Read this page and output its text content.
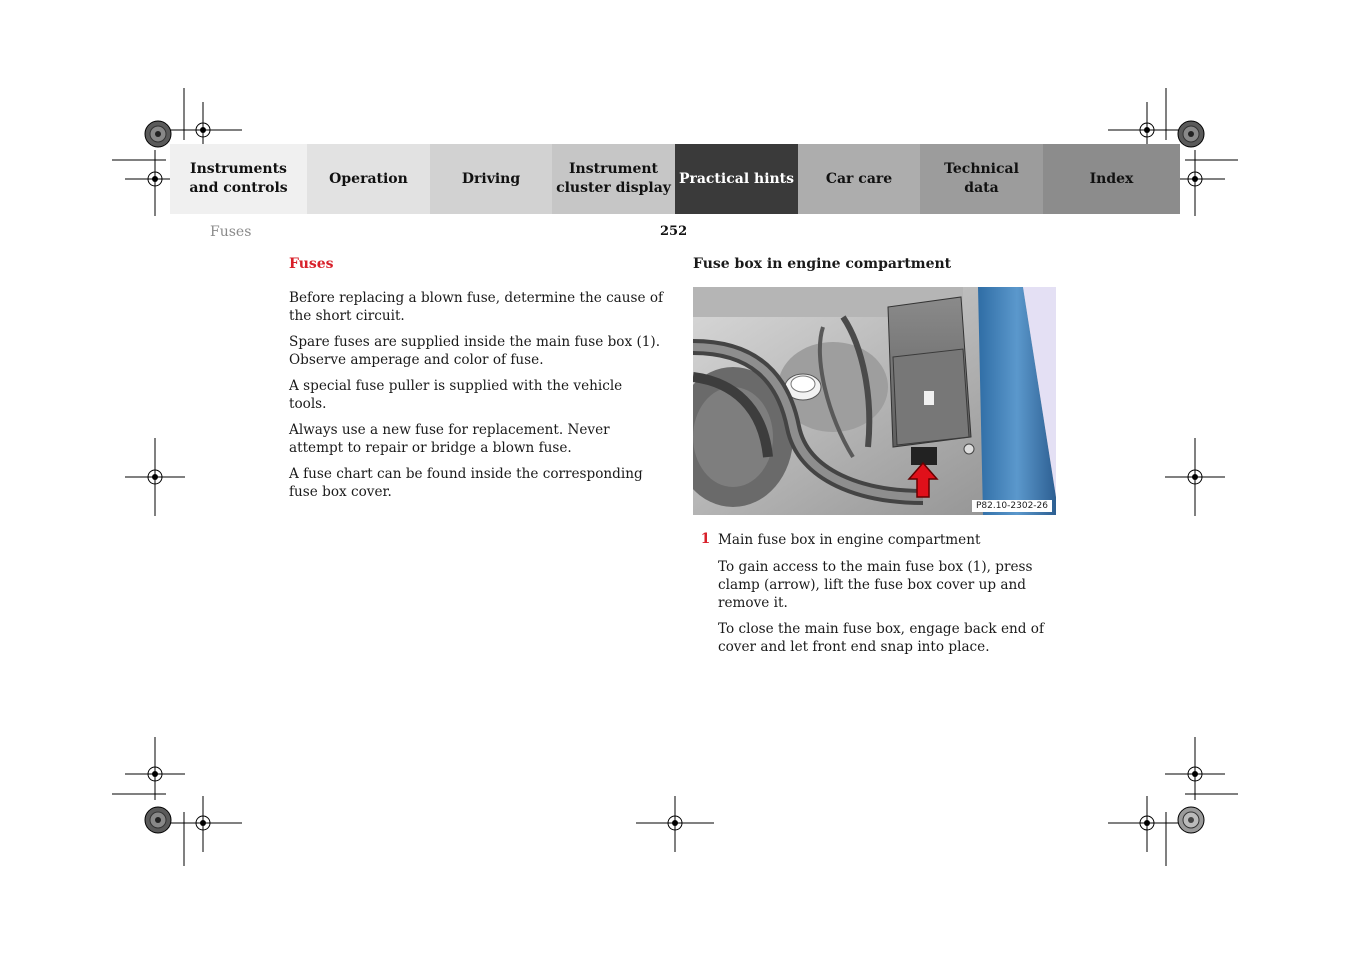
Instruments
and controls
Operation	Driving
Instrument
cluster display
Practical hints	Car care
Technical
data
Index
Fuses	252
Fuses

Before replacing a blown fuse, determine the cause of the short circuit.

Spare fuses are supplied inside the main fuse box (1). Observe amperage and color of fuse.

A special fuse puller is supplied with the vehicle tools.

Always use a new fuse for replacement. Never attempt to repair or bridge a blown fuse.

A fuse chart can be found inside the corresponding fuse box cover.

Fuse box in engine compartment
P82.10-2302-26
1 Main fuse box in engine compartment

To gain access to the main fuse box (1), press clamp (arrow), lift the fuse box cover up and remove it.

To close the main fuse box, engage back end of cover and let front end snap into place.
